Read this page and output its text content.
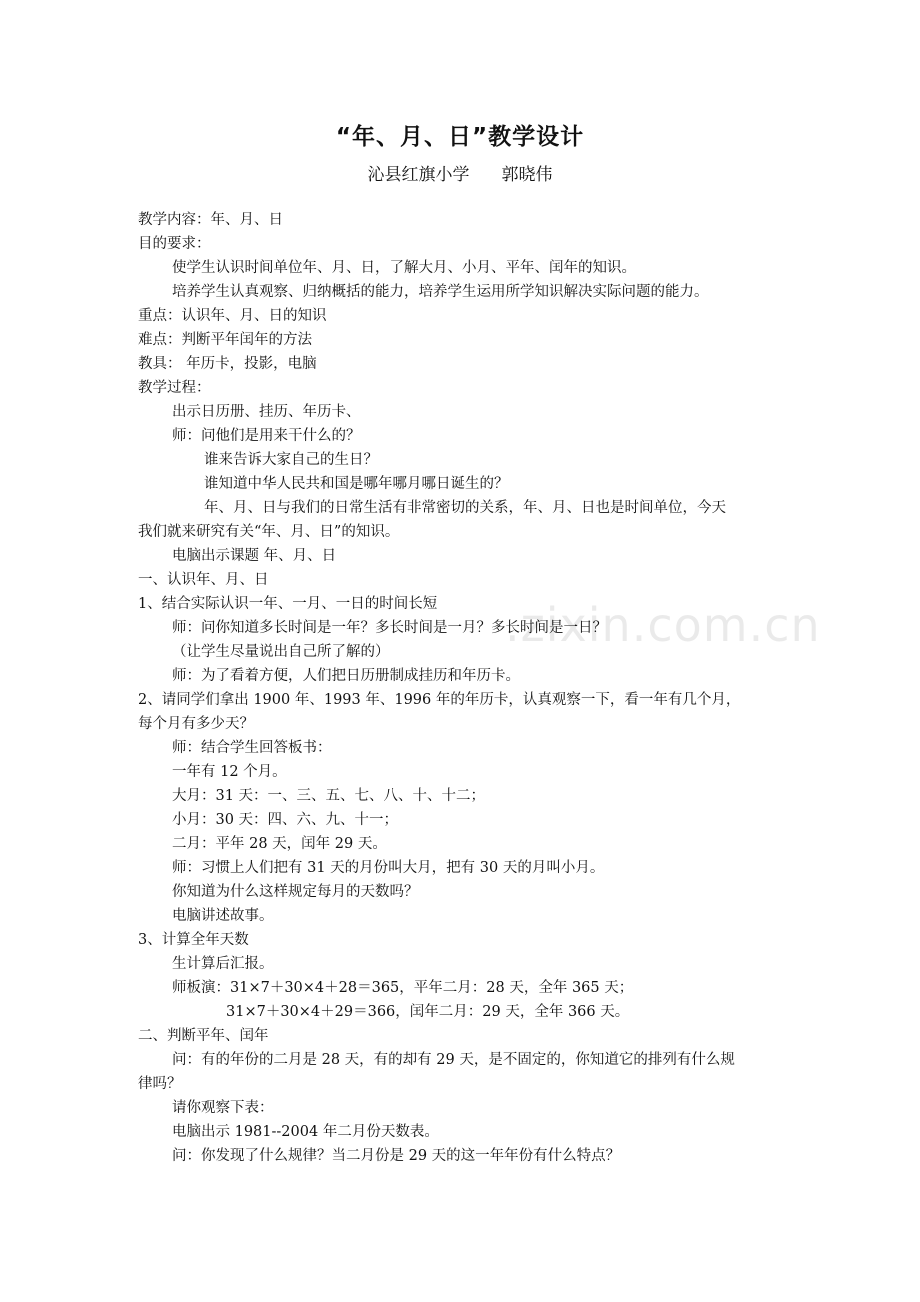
.zixin.com.cn
“年、月、日”教学设计
沁县红旗小学 郭晓伟
教学内容：年、月、日
目的要求：
使学生认识时间单位年、月、日，了解大月、小月、平年、闰年的知识。
培养学生认真观察、归纳概括的能力，培养学生运用所学知识解决实际问题的能力。
重点：认识年、月、日的知识
难点：判断平年闰年的方法
教具： 年历卡，投影，电脑
教学过程：
出示日历册、挂历、年历卡、
师：问他们是用来干什么的？
谁来告诉大家自己的生日？
谁知道中华人民共和国是哪年哪月哪日诞生的？
年、月、日与我们的日常生活有非常密切的关系，年、月、日也是时间单位，今天
我们就来研究有关“年、月、日”的知识。
电脑出示课题 年、月、日
一、认识年、月、日
1、结合实际认识一年、一月、一日的时间长短
师：问你知道多长时间是一年？多长时间是一月？多长时间是一日？
（让学生尽量说出自己所了解的）
师：为了看着方便，人们把日历册制成挂历和年历卡。
2、请同学们拿出 1900 年、1993 年、1996 年的年历卡，认真观察一下，看一年有几个月，
每个月有多少天？
师：结合学生回答板书：
一年有 12 个月。
大月：31 天：一、三、五、七、八、十、十二；
小月：30 天：四、六、九、十一；
二月：平年 28 天，闰年 29 天。
师：习惯上人们把有 31 天的月份叫大月，把有 30 天的月叫小月。
你知道为什么这样规定每月的天数吗？
电脑讲述故事。
3、计算全年天数
生计算后汇报。
师板演：31×7＋30×4＋28＝365，平年二月：28 天，全年 365 天；
31×7＋30×4＋29＝366，闰年二月：29 天，全年 366 天。
二、判断平年、闰年
问：有的年份的二月是 28 天，有的却有 29 天，是不固定的，你知道它的排列有什么规
律吗？
请你观察下表：
电脑出示 1981--2004 年二月份天数表。
问：你发现了什么规律？当二月份是 29 天的这一年年份有什么特点？
